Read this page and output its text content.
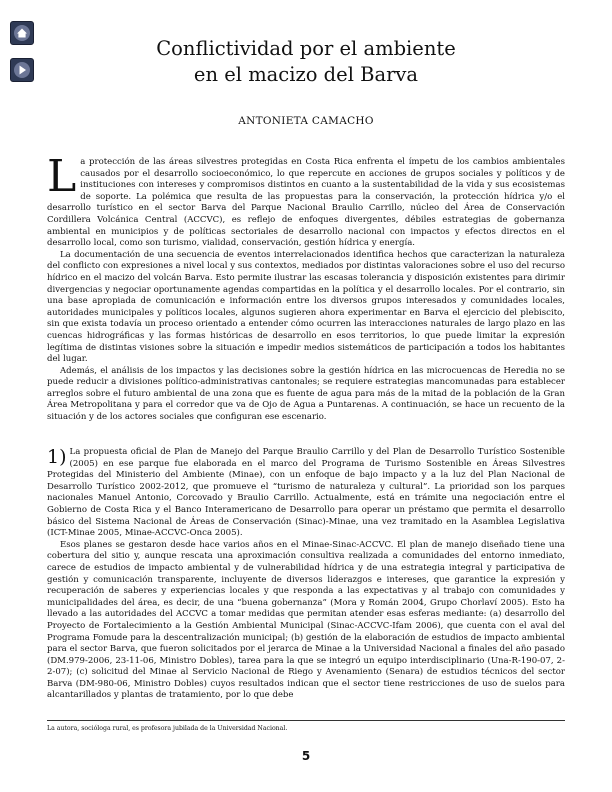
Conflictividad por el ambiente
en el macizo del Barva
ANTONIETA CAMACHO

La protección de las áreas silvestres protegidas en Costa Rica enfrenta el ímpetu de los cambios ambientales causados por el desarrollo socioeconómico, lo que repercute en acciones de grupos sociales y políticos y de instituciones con intereses y compromisos distintos en cuanto a la sustentabilidad de la vida y sus ecosistemas de soporte. La polémica que resulta de las propuestas para la conservación, la protección hídrica y/o el desarrollo turístico en el sector Barva del Parque Nacional Braulio Carrillo, núcleo del Área de Conservación Cordillera Volcánica Central (ACCVC), es reflejo de enfoques divergentes, débiles estrategias de gobernanza ambiental en municipios y de políticas sectoriales de desarrollo nacional con impactos y efectos directos en el desarrollo local, como son turismo, vialidad, conservación, gestión hídrica y energía.

La documentación de una secuencia de eventos interrelacionados identifica hechos que caracterizan la naturaleza del conflicto con expresiones a nivel local y sus contextos, mediados por distintas valoraciones sobre el uso del recurso hídrico en el macizo del volcán Barva. Esto permite ilustrar las escasas tolerancia y disposición existentes para dirimir divergencias y negociar oportunamente agendas compartidas en la política y el desarrollo locales. Por el contrario, sin una base apropiada de comunicación e información entre los diversos grupos interesados y comunidades locales, autoridades municipales y políticos locales, algunos sugieren ahora experimentar en Barva el ejercicio del plebiscito, sin que exista todavía un proceso orientado a entender cómo ocurren las interacciones naturales de largo plazo en las cuencas hidrográficas y las formas históricas de desarrollo en esos territorios, lo que puede limitar la expresión legítima de distintas visiones sobre la situación e impedir medios sistemáticos de participación a todos los habitantes del lugar.

Además, el análisis de los impactos y las decisiones sobre la gestión hídrica en las microcuencas de Heredia no se puede reducir a divisiones político-administrativas cantonales; se requiere estrategias mancomunadas para establecer arreglos sobre el futuro ambiental de una zona que es fuente de agua para más de la mitad de la población de la Gran Área Metropolitana y para el corredor que va de Ojo de Agua a Puntarenas. A continuación, se hace un recuento de la situación y de los actores sociales que configuran ese escenario.

1) La propuesta oficial de Plan de Manejo del Parque Braulio Carrillo y del Plan de Desarrollo Turístico Sostenible (2005) en ese parque fue elaborada en el marco del Programa de Turismo Sostenible en Áreas Silvestres Protegidas del Ministerio del Ambiente (Minae), con un enfoque de bajo impacto y a la luz del Plan Nacional de Desarrollo Turístico 2002-2012, que promueve el “turismo de naturaleza y cultural”. La prioridad son los parques nacionales Manuel Antonio, Corcovado y Braulio Carrillo. Actualmente, está en trámite una negociación entre el Gobierno de Costa Rica y el Banco Interamericano de Desarrollo para operar un préstamo que permita el desarrollo básico del Sistema Nacional de Áreas de Conservación (Sinac)-Minae, una vez tramitado en la Asamblea Legislativa (ICT-Minae 2005, Minae-ACCVC-Onca 2005).

Esos planes se gestaron desde hace varios años en el Minae-Sinac-ACCVC. El plan de manejo diseñado tiene una cobertura del sitio y, aunque rescata una aproximación consultiva realizada a comunidades del entorno inmediato, carece de estudios de impacto ambiental y de vulnerabilidad hídrica y de una estrategia integral y participativa de gestión y comunicación transparente, incluyente de diversos liderazgos e intereses, que garantice la expresión y recuperación de saberes y experiencias locales y que responda a las expectativas y al trabajo con comunidades y municipalidades del área, es decir, de una “buena gobernanza” (Mora y Román 2004, Grupo Chorlaví 2005). Esto ha llevado a las autoridades del ACCVC a tomar medidas que permitan atender esas esferas mediante: (a) desarrollo del Proyecto de Fortalecimiento a la Gestión Ambiental Municipal (Sinac-ACCVC-Ifam 2006), que cuenta con el aval del Programa Fomude para la descentralización municipal; (b) gestión de la elaboración de estudios de impacto ambiental para el sector Barva, que fueron solicitados por el jerarca de Minae a la Universidad Nacional a finales del año pasado (DM.979-2006, 23-11-06, Ministro Dobles), tarea para la que se integró un equipo interdisciplinario (Una-R-190-07, 2-2-07); (c) solicitud del Minae al Servicio Nacional de Riego y Avenamiento (Senara) de estudios técnicos del sector Barva (DM-980-06, Ministro Dobles) cuyos resultados indican que el sector tiene restricciones de uso de suelos para alcantarillados y plantas de tratamiento, por lo que debe

La autora, socióloga rural, es profesora jubilada de la Universidad Nacional.
5
